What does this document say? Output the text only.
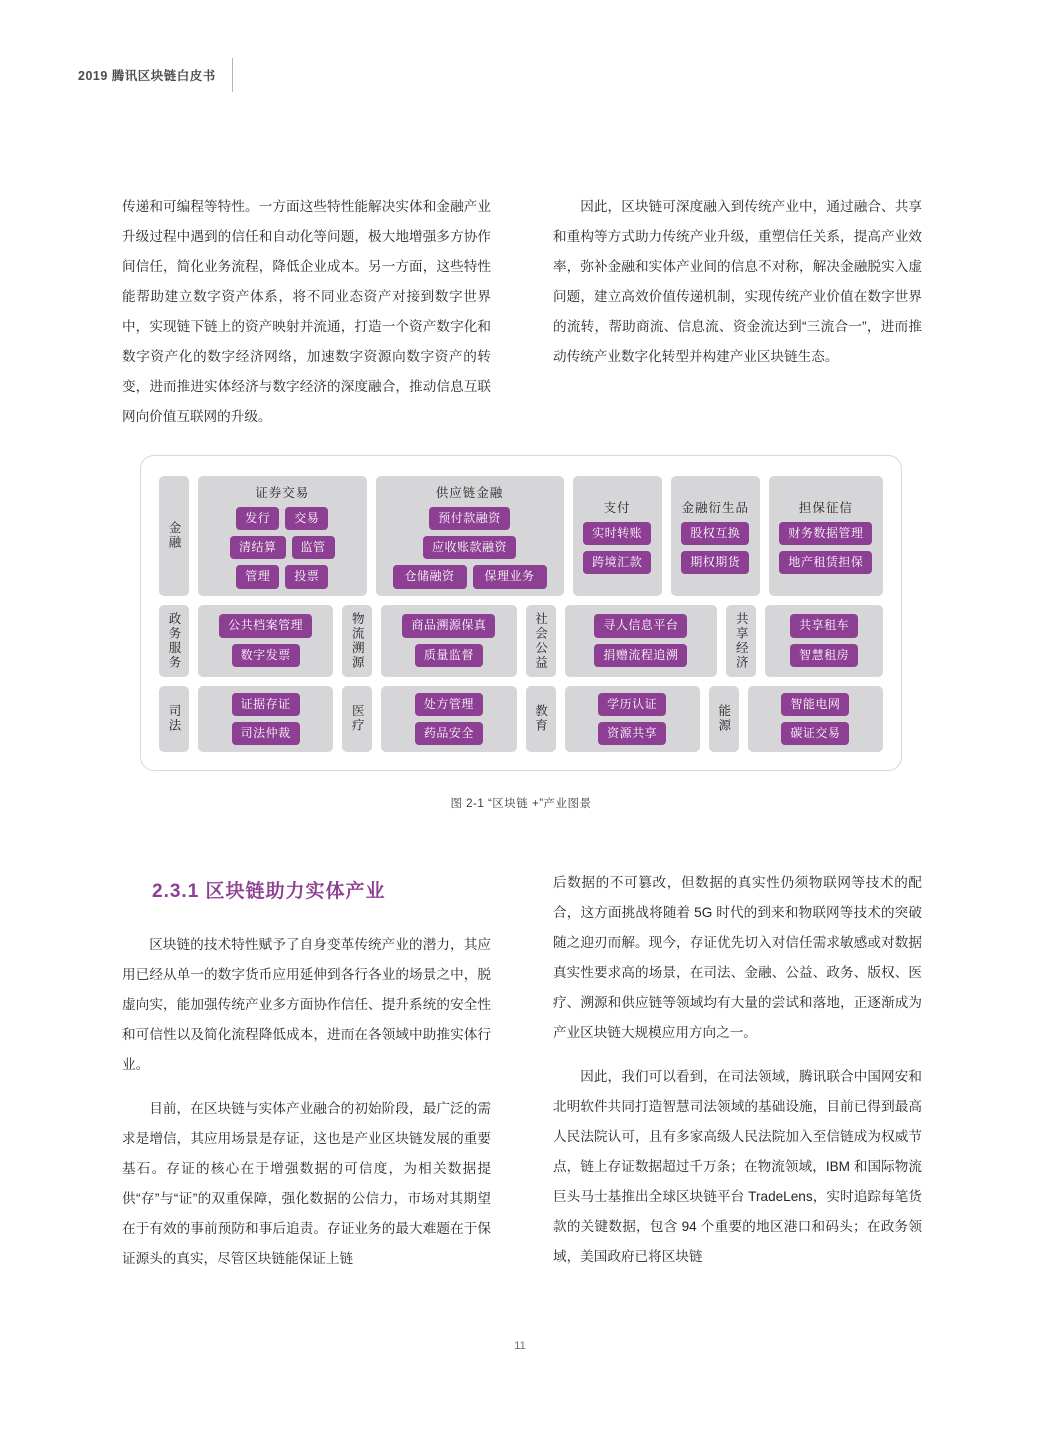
2019 腾讯区块链白皮书

传递和可编程等特性。一方面这些特性能解决实体和金融产业升级过程中遇到的信任和自动化等问题，极大地增强多方协作间信任，简化业务流程，降低企业成本。另一方面，这些特性能帮助建立数字资产体系，将不同业态资产对接到数字世界中，实现链下链上的资产映射并流通，打造一个资产数字化和数字资产化的数字经济网络，加速数字资源向数字资产的转变，进而推进实体经济与数字经济的深度融合，推动信息互联网向价值互联网的升级。

因此，区块链可深度融入到传统产业中，通过融合、共享和重构等方式助力传统产业升级，重塑信任关系，提高产业效率，弥补金融和实体产业间的信息不对称，解决金融脱实入虚问题，建立高效价值传递机制，实现传统产业价值在数字世界的流转，帮助商流、信息流、资金流达到“三流合一”，进而推动传统产业数字化转型并构建产业区块链生态。

金融
证券交易
发行	交易
清结算	监管
管理	投票
供应链金融
预付款融资
应收账款融资
仓储融资	保理业务
支付
实时转账
跨境汇款
金融衍生品
股权互换
期权期货
担保征信
财务数据管理
地产租赁担保
政务服务	公共档案管理
数字发票	物流溯源	商品溯源保真
质量监督	社会公益	寻人信息平台
捐赠流程追溯	共享经济	共享租车
智慧租房
司法
证据存证
司法仲裁	医疗
处方管理
药品安全	教育
学历认证
资源共享	能源
智能电网
碳证交易
图 2-1 “区块链 +”产业图景
2.3.1 区块链助力实体产业

区块链的技术特性赋予了自身变革传统产业的潜力，其应用已经从单一的数字货币应用延伸到各行各业的场景之中，脱虚向实，能加强传统产业多方面协作信任、提升系统的安全性和可信性以及简化流程降低成本，进而在各领域中助推实体行业。

目前，在区块链与实体产业融合的初始阶段，最广泛的需求是增信，其应用场景是存证，这也是产业区块链发展的重要基石。存证的核心在于增强数据的可信度，为相关数据提供“存”与“证”的双重保障，强化数据的公信力，市场对其期望在于有效的事前预防和事后追责。存证业务的最大难题在于保证源头的真实，尽管区块链能保证上链

后数据的不可篡改，但数据的真实性仍须物联网等技术的配合，这方面挑战将随着 5G 时代的到来和物联网等技术的突破随之迎刃而解。现今，存证优先切入对信任需求敏感或对数据真实性要求高的场景，在司法、金融、公益、政务、版权、医疗、溯源和供应链等领域均有大量的尝试和落地，正逐渐成为产业区块链大规模应用方向之一。

因此，我们可以看到，在司法领域，腾讯联合中国网安和北明软件共同打造智慧司法领域的基础设施，目前已得到最高人民法院认可，且有多家高级人民法院加入至信链成为权威节点，链上存证数据超过千万条；在物流领域，IBM 和国际物流巨头马士基推出全球区块链平台 TradeLens，实时追踪每笔货款的关键数据，包含 94 个重要的地区港口和码头；在政务领域，美国政府已将区块链

11
